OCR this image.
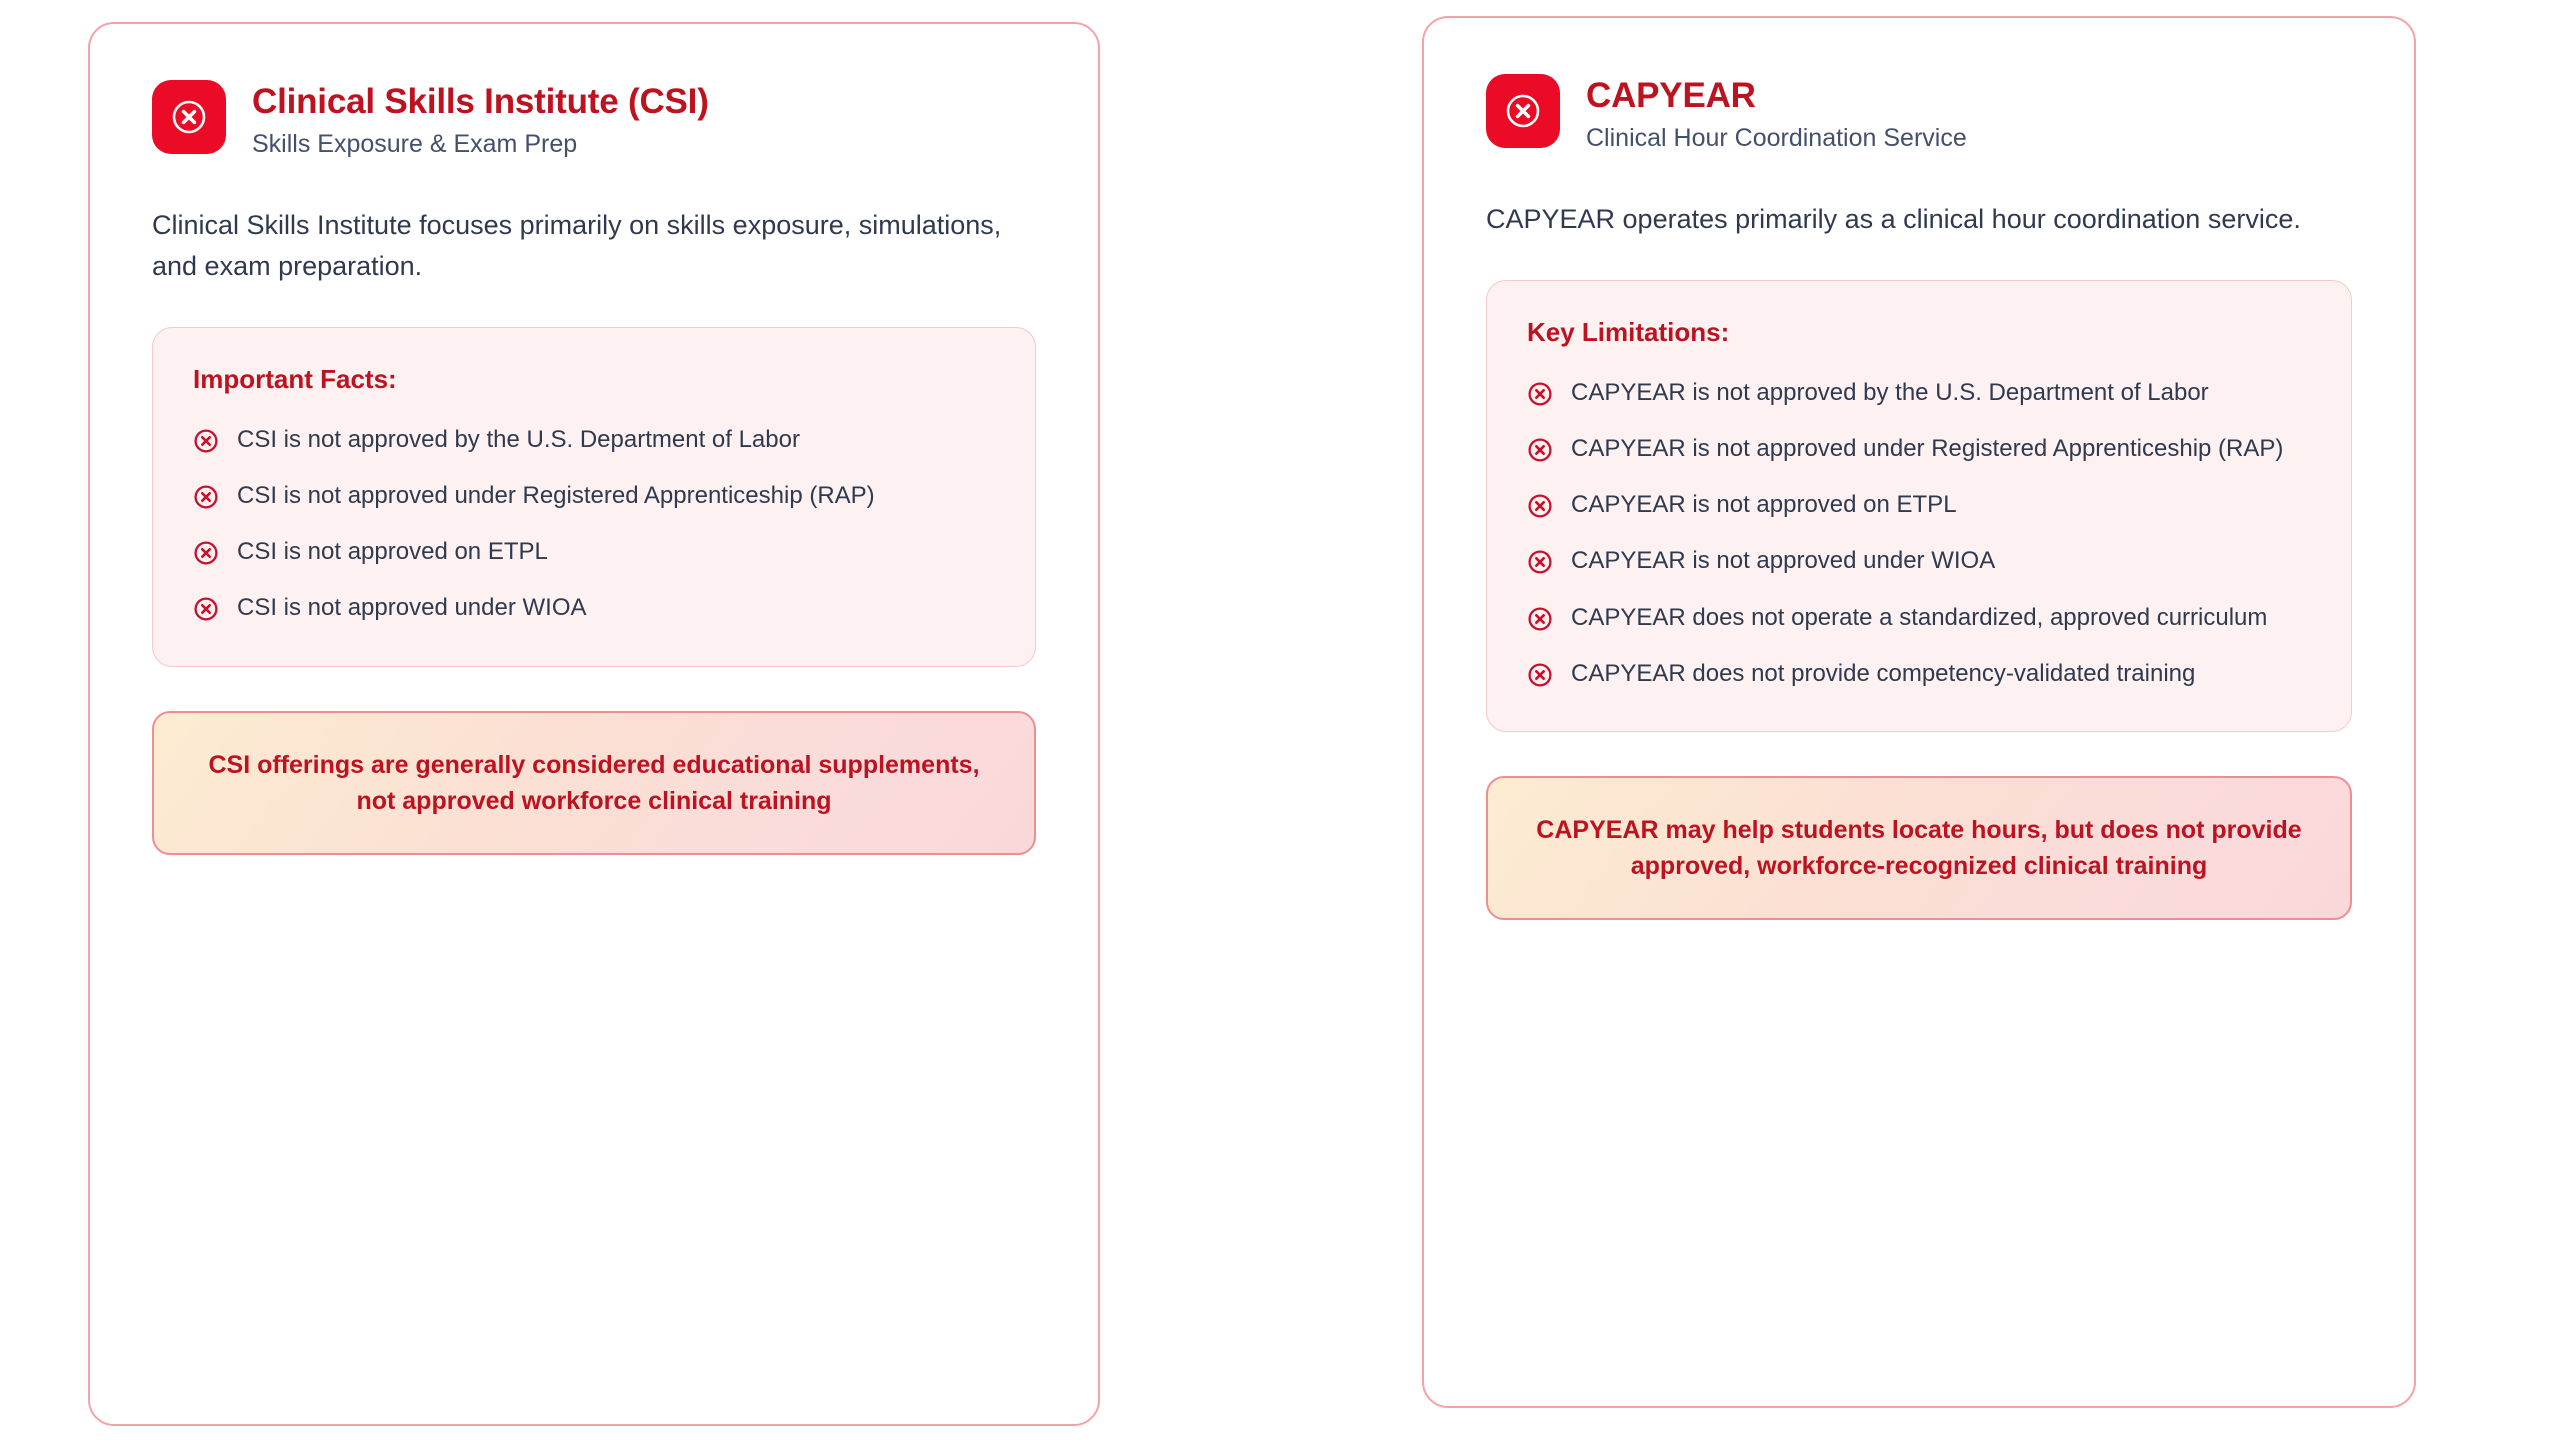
Clinical Skills Institute (CSI)

Skills Exposure & Exam Prep

Clinical Skills Institute focuses primarily on skills exposure, simulations, and exam preparation.

Important Facts:
CSI is not approved by the U.S. Department of Labor
CSI is not approved under Registered Apprenticeship (RAP)
CSI is not approved on ETPL
CSI is not approved under WIOA

CSI offerings are generally considered educational supplements, not approved workforce clinical training

CAPYEAR

Clinical Hour Coordination Service

CAPYEAR operates primarily as a clinical hour coordination service.

Key Limitations:
CAPYEAR is not approved by the U.S. Department of Labor
CAPYEAR is not approved under Registered Apprenticeship (RAP)
CAPYEAR is not approved on ETPL
CAPYEAR is not approved under WIOA
CAPYEAR does not operate a standardized, approved curriculum
CAPYEAR does not provide competency-validated training

CAPYEAR may help students locate hours, but does not provide approved, workforce-recognized clinical training
